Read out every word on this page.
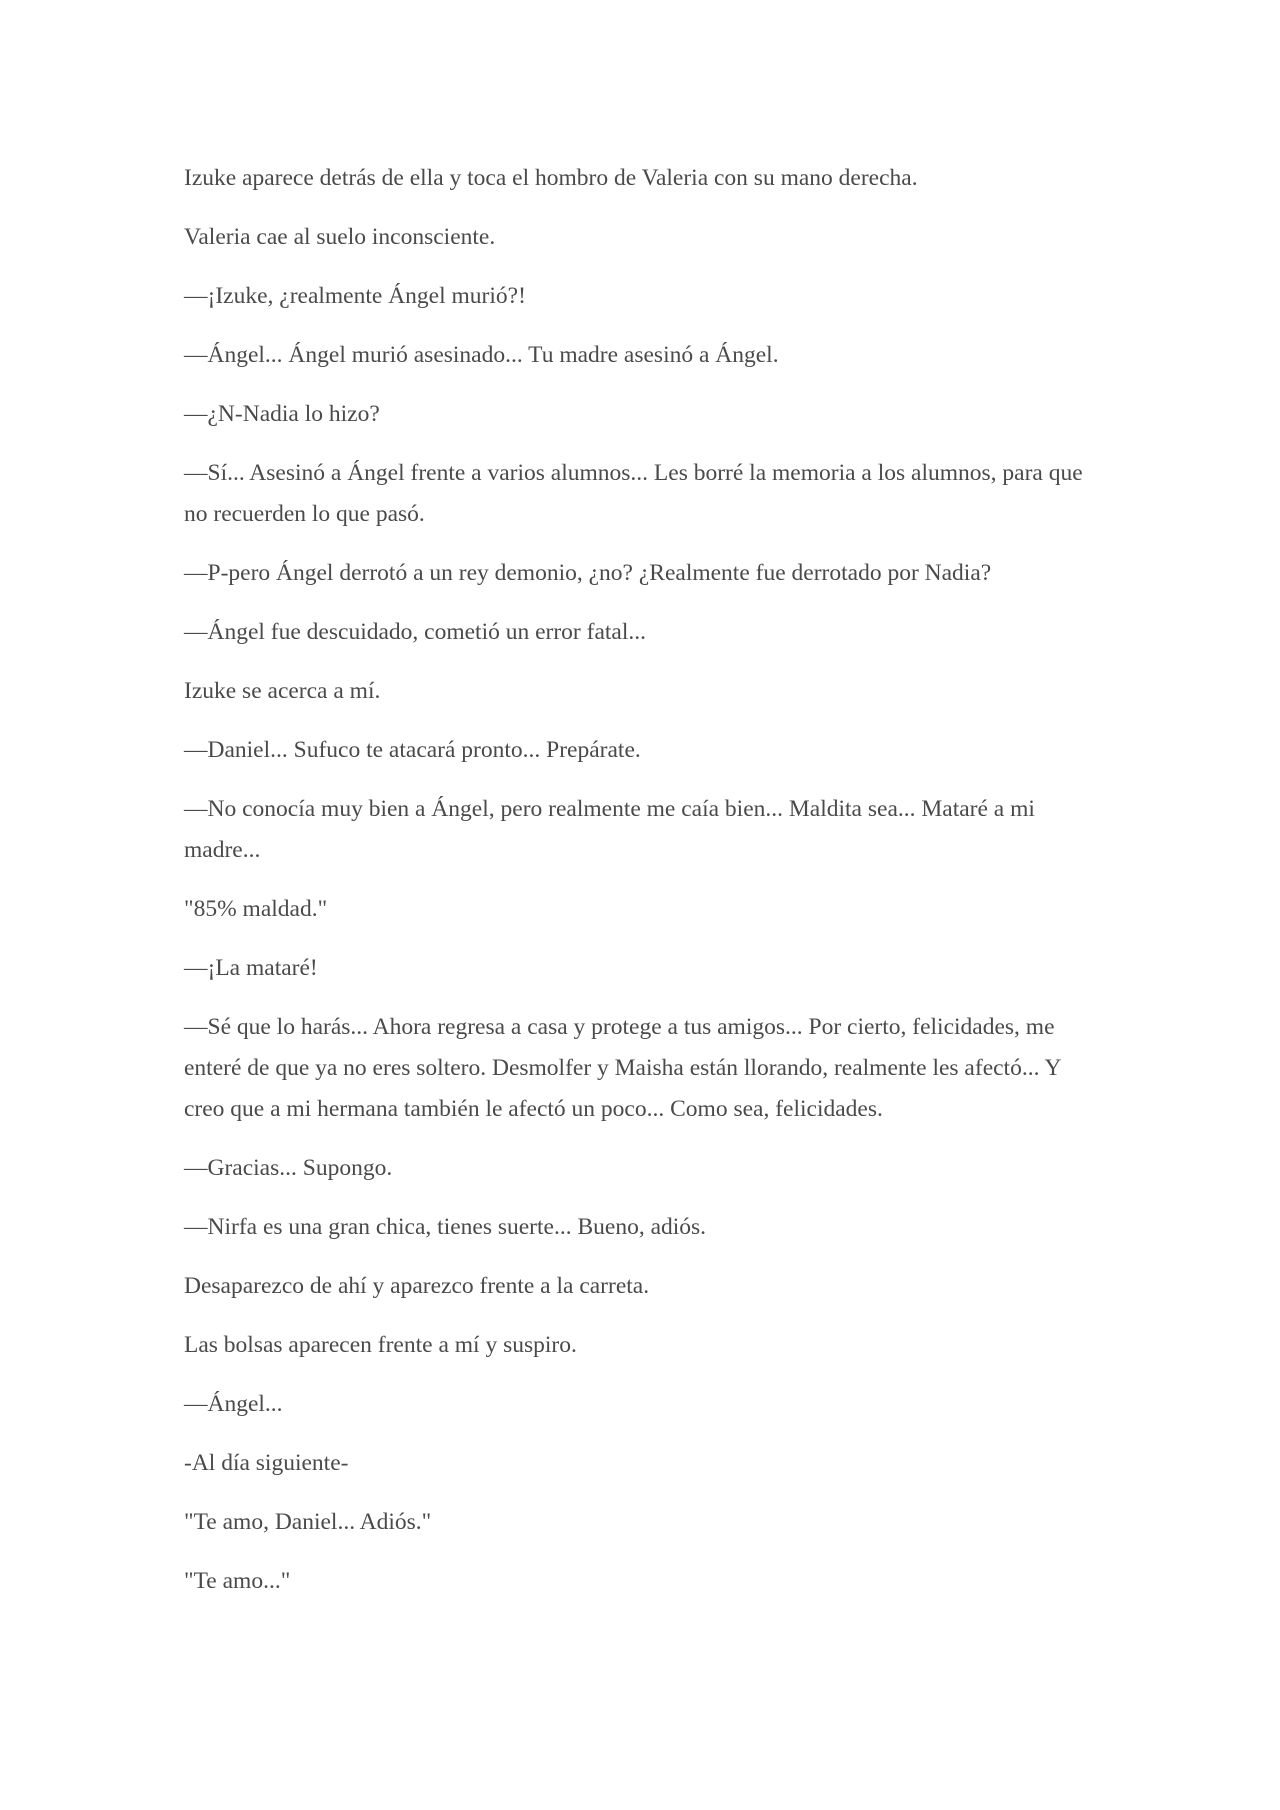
Izuke aparece detrás de ella y toca el hombro de Valeria con su mano derecha.

Valeria cae al suelo inconsciente.

—¡Izuke, ¿realmente Ángel murió?!

—Ángel... Ángel murió asesinado... Tu madre asesinó a Ángel.

—¿N-Nadia lo hizo?

—Sí... Asesinó a Ángel frente a varios alumnos... Les borré la memoria a los alumnos, para que no recuerden lo que pasó.

—P-pero Ángel derrotó a un rey demonio, ¿no? ¿Realmente fue derrotado por Nadia?

—Ángel fue descuidado, cometió un error fatal...

Izuke se acerca a mí.

—Daniel... Sufuco te atacará pronto... Prepárate.

—No conocía muy bien a Ángel, pero realmente me caía bien... Maldita sea... Mataré a mi madre...

"85% maldad."

—¡La mataré!

—Sé que lo harás... Ahora regresa a casa y protege a tus amigos... Por cierto, felicidades, me enteré de que ya no eres soltero. Desmolfer y Maisha están llorando, realmente les afectó... Y creo que a mi hermana también le afectó un poco... Como sea, felicidades.

—Gracias... Supongo.

—Nirfa es una gran chica, tienes suerte... Bueno, adiós.

Desaparezco de ahí y aparezco frente a la carreta.

Las bolsas aparecen frente a mí y suspiro.

—Ángel...

-Al día siguiente-

"Te amo, Daniel... Adiós."

"Te amo..."
